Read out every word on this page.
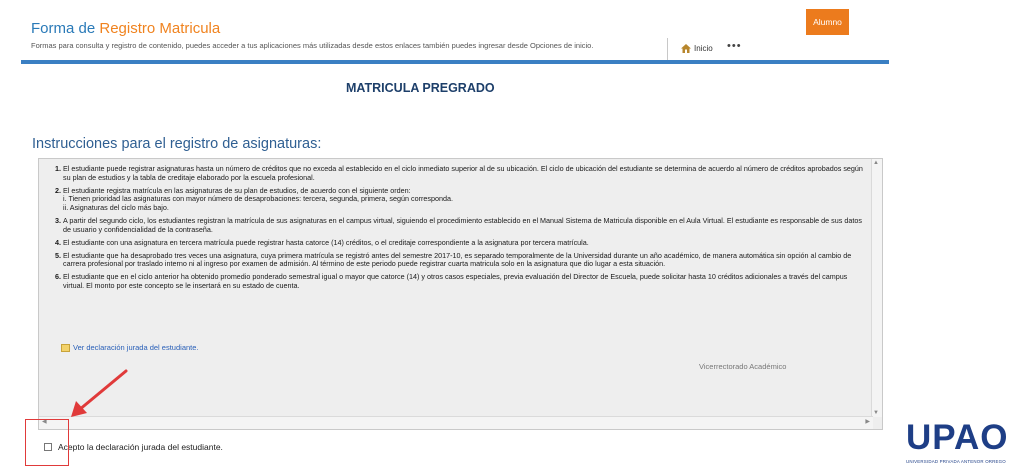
Forma de Registro Matricula
Formas para consulta y registro de contenido, puedes acceder a tus aplicaciones más utilizadas desde estos enlaces también puedes ingresar desde Opciones de inicio.	Inicio •••
Alumno
MATRICULA PREGRADO
Instrucciones para el registro de asignaturas:
1. El estudiante puede registrar asignaturas hasta un número de créditos que no exceda al establecido en el ciclo inmediato superior al de su ubicación. El ciclo de ubicación del estudiante se determina de acuerdo al número de créditos aprobados según su plan de estudios y la tabla de creditaje elaborado por la escuela profesional.
2. El estudiante registra matrícula en las asignaturas de su plan de estudios, de acuerdo con el siguiente orden:
i. Tienen prioridad las asignaturas con mayor número de desaprobaciones: tercera, segunda, primera, según corresponda.
ii. Asignaturas del ciclo más bajo.
3. A partir del segundo ciclo, los estudiantes registran la matrícula de sus asignaturas en el campus virtual, siguiendo el procedimiento establecido en el Manual Sistema de Matricula disponible en el Aula Virtual. El estudiante es responsable de sus datos de usuario y confidencialidad de la contraseña.
4. El estudiante con una asignatura en tercera matrícula puede registrar hasta catorce (14) créditos, o el creditaje correspondiente a la asignatura por tercera matrícula.
5. El estudiante que ha desaprobado tres veces una asignatura, cuya primera matrícula se registró antes del semestre 2017-10, es separado temporalmente de la Universidad durante un año académico, de manera automática sin opción al cambio de carrera profesional por traslado interno ni al ingreso por examen de admisión. Al término de este periodo puede registrar cuarta matricula solo en la asignatura que dio lugar a esta situación.
6. El estudiante que en el ciclo anterior ha obtenido promedio ponderado semestral igual o mayor que catorce (14) y otros casos especiales, previa evaluación del Director de Escuela, puede solicitar hasta 10 créditos adicionales a través del campus virtual. El monto por este concepto se le insertará en su estado de cuenta.
Ver declaración jurada del estudiante.
Vicerrectorado Académico
▲
▼
◀	▶
Acepto la declaración jurada del estudiante.	UPAO
UNIVERSIDAD PRIVADA ANTENOR ORREGO
